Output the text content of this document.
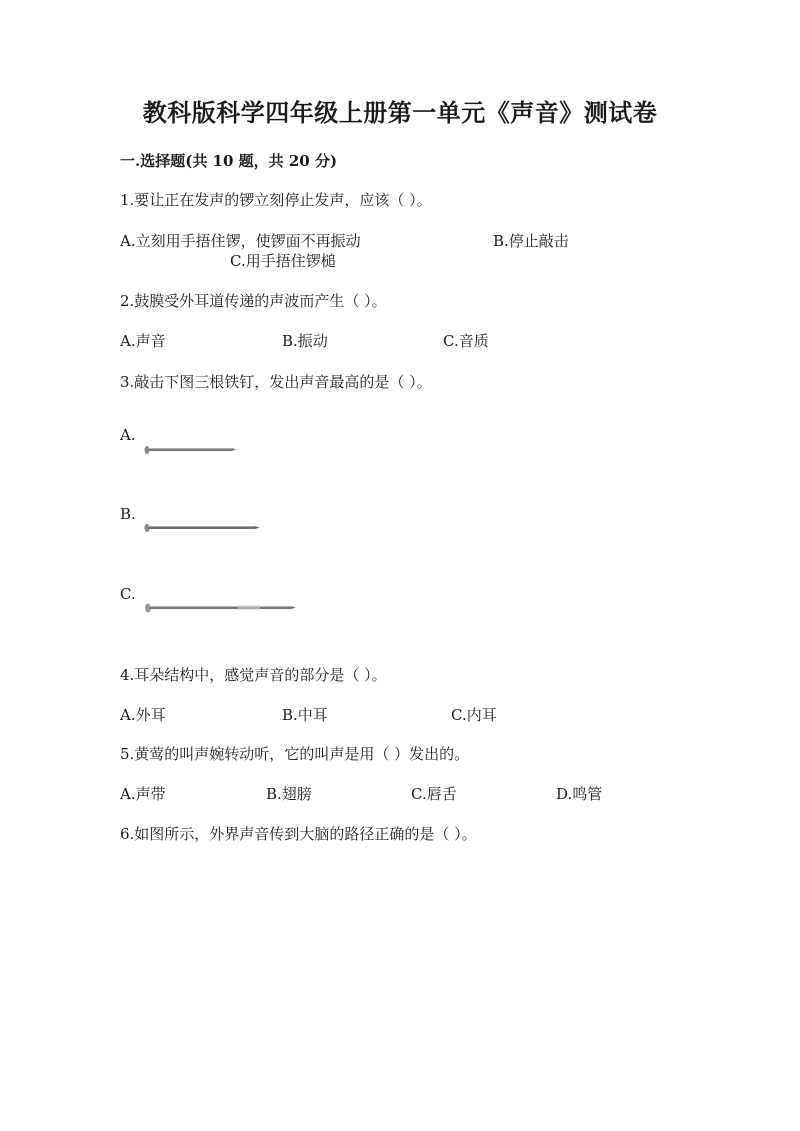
教科版科学四年级上册第一单元《声音》测试卷
一.选择题(共 10 题，共 20 分)
1.要让正在发声的锣立刻停止发声，应该（ ）。
A.立刻用手捂住锣，使锣面不再振动	B.停止敲击
C.用手捂住锣槌
2.鼓膜受外耳道传递的声波而产生（ ）。
A.声音	B.振动	C.音质
3.敲击下图三根铁钉，发出声音最高的是（ ）。
A.
B.
C.
4.耳朵结构中，感觉声音的部分是（ ）。
A.外耳	B.中耳	C.内耳
5.黄莺的叫声婉转动听，它的叫声是用（ ）发出的。
A.声带	B.翅膀	C.唇舌	D.鸣管
6.如图所示，外界声音传到大脑的路径正确的是（ ）。
